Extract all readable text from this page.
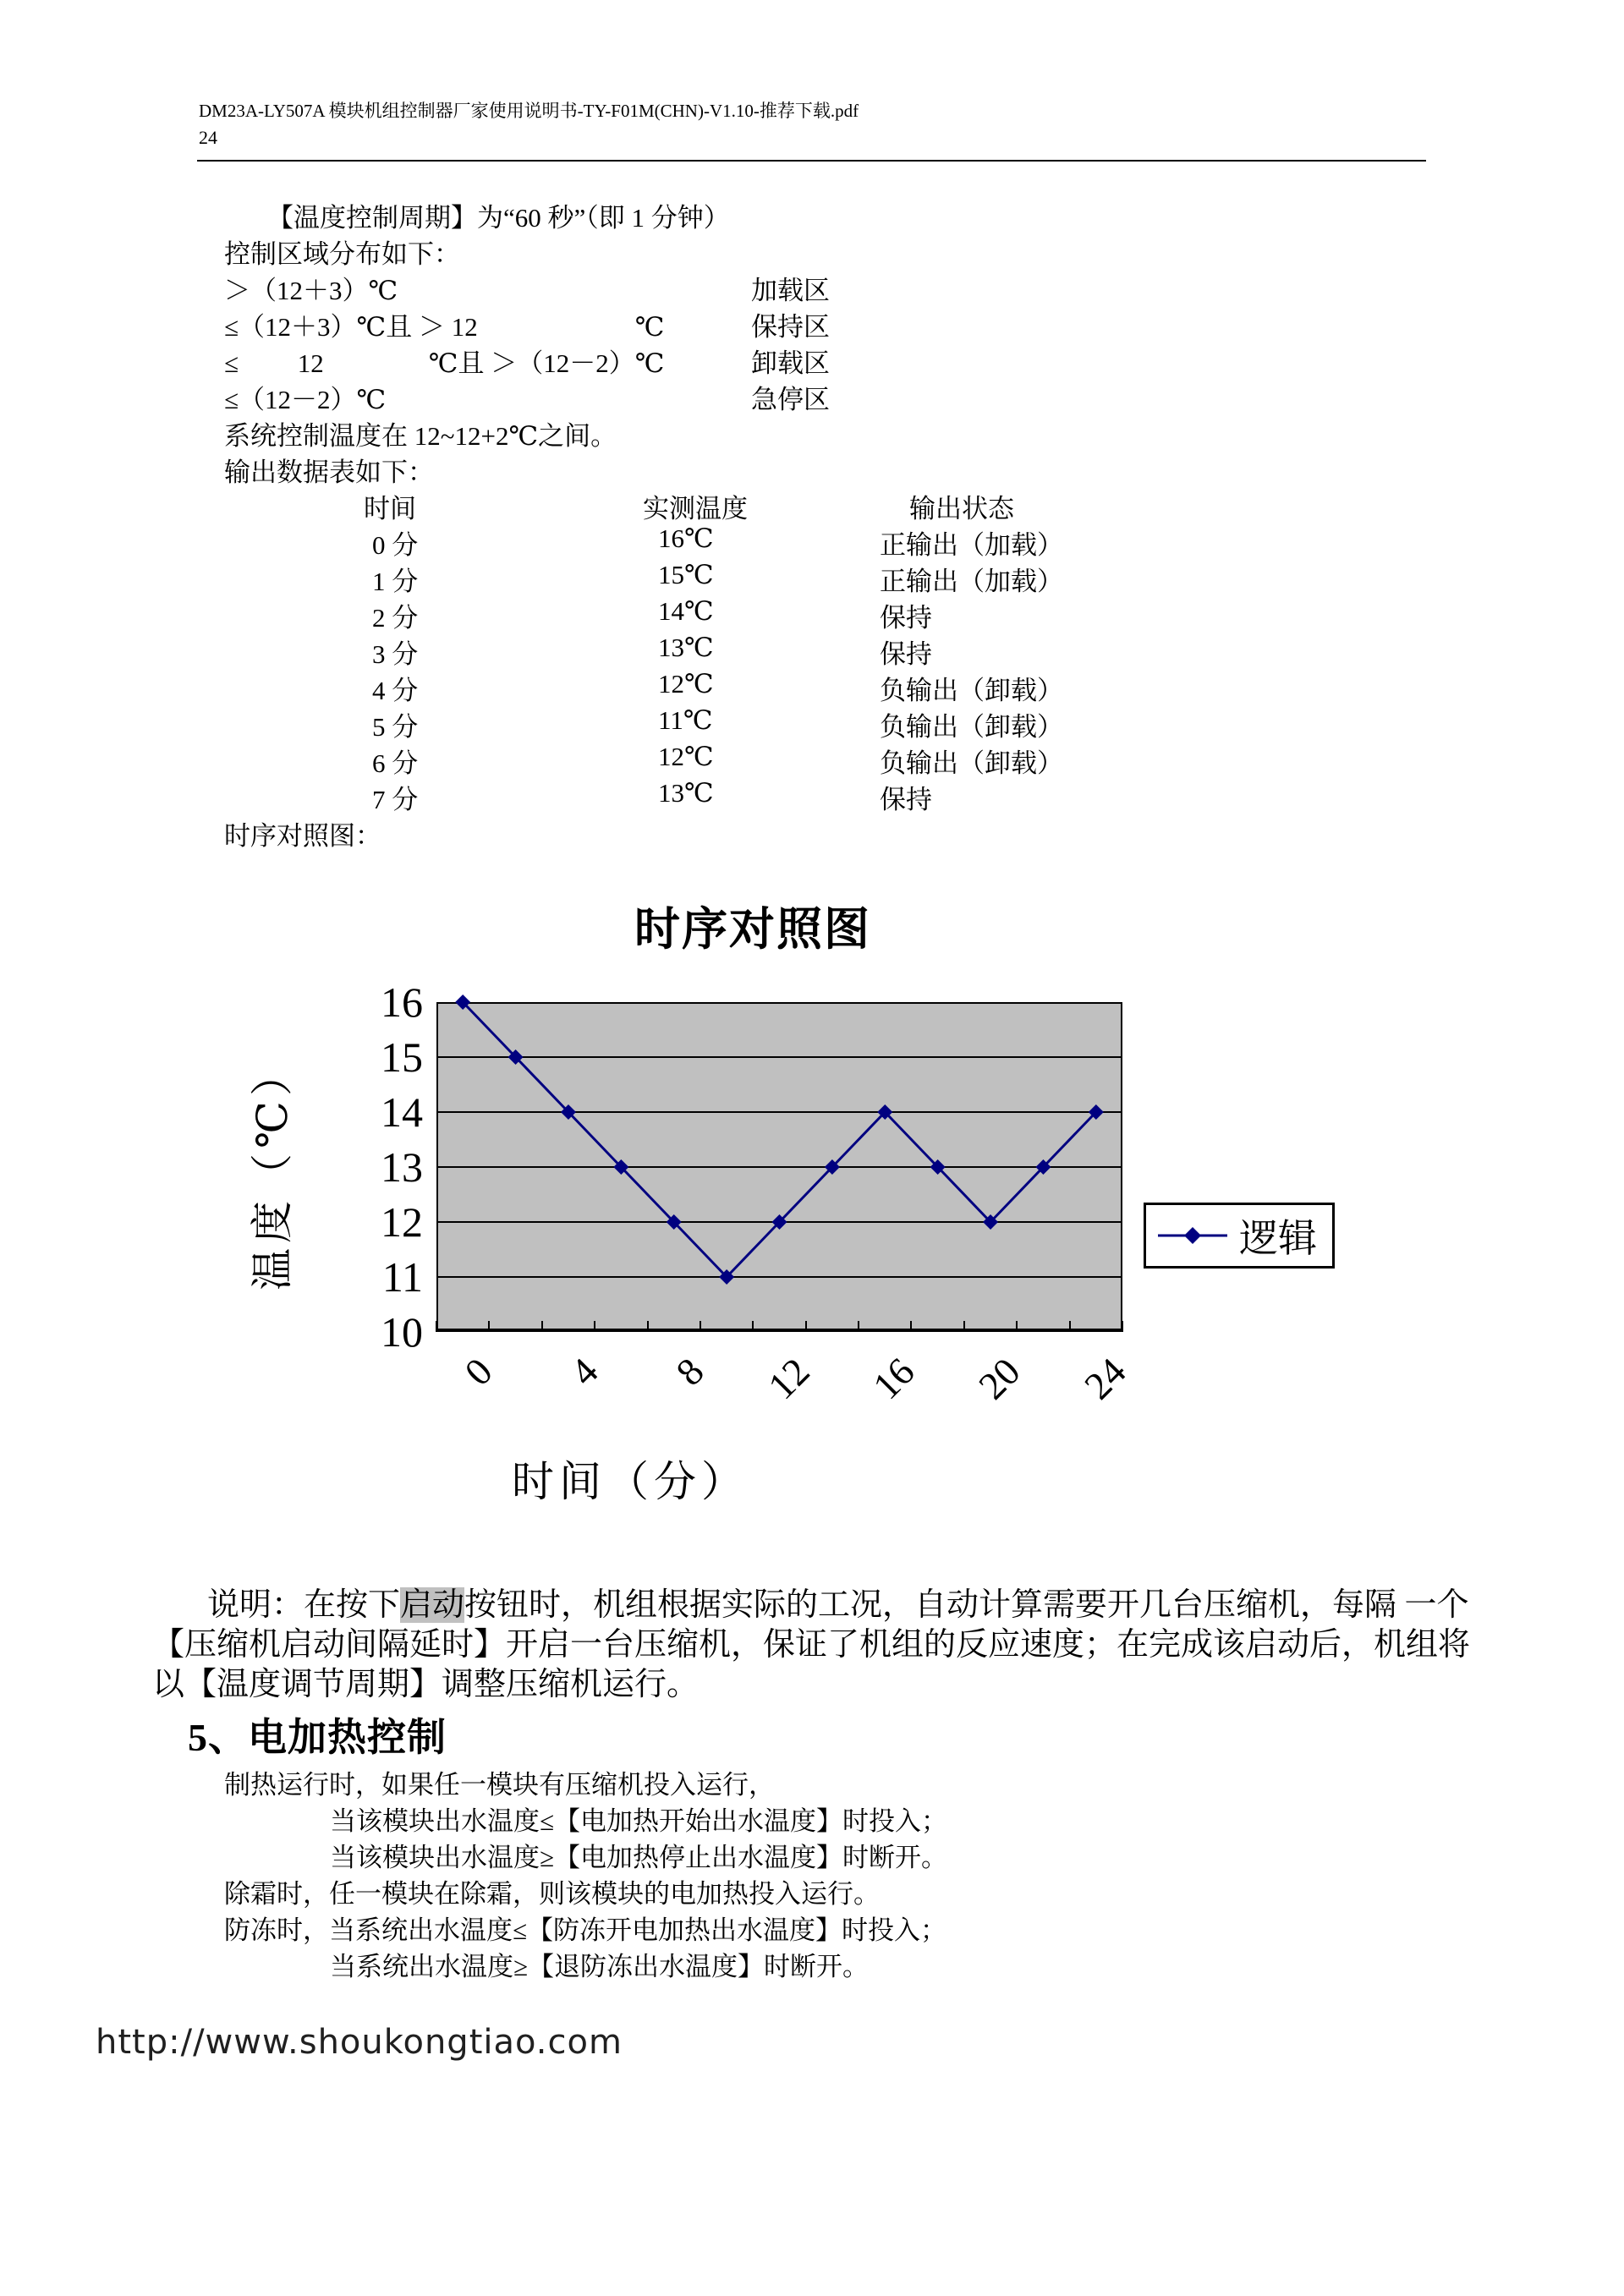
DM23A-LY507A 模块机组控制器厂家使用说明书-TY-F01M(CHN)-V1.10-推荐下载.pdf
24
【温度控制周期】为“60 秒”（即 1 分钟）
控制区域分布如下：
＞（12＋3）℃	加载区
≤（12＋3）℃且 ＞ 12　　　　　　℃	保持区
≤　　 12　　　　℃且 ＞（12－2）℃	卸载区
≤（12－2）℃	急停区
系统控制温度在 12~12+2℃之间。
输出数据表如下：
时间	实测温度	输出状态
0 分	16℃	正输出（加载）
1 分	15℃	正输出（加载）
2 分	14℃	保持
3 分	13℃	保持
4 分	12℃	负输出（卸载）
5 分	11℃	负输出（卸载）
6 分	12℃	负输出（卸载）
7 分	13℃	保持
时序对照图：
时序对照图
10
11
12
13
14
15
16
0 4 8 12 16 20 24
温度（℃）
时间（分）
逻辑
说明：在按下启动按钮时，机组根据实际的工况，自动计算需要开几台压缩机，每隔 一个
【压缩机启动间隔延时】开启一台压缩机，保证了机组的反应速度；在完成该启动后，机组将
以【温度调节周期】调整压缩机运行。
5、电加热控制
制热运行时，如果任一模块有压缩机投入运行，
当该模块出水温度≤【电加热开始出水温度】时投入；
当该模块出水温度≥【电加热停止出水温度】时断开。
除霜时，任一模块在除霜，则该模块的电加热投入运行。
防冻时，当系统出水温度≤【防冻开电加热出水温度】时投入；
当系统出水温度≥【退防冻出水温度】时断开。
http://www.shoukongtiao.com
